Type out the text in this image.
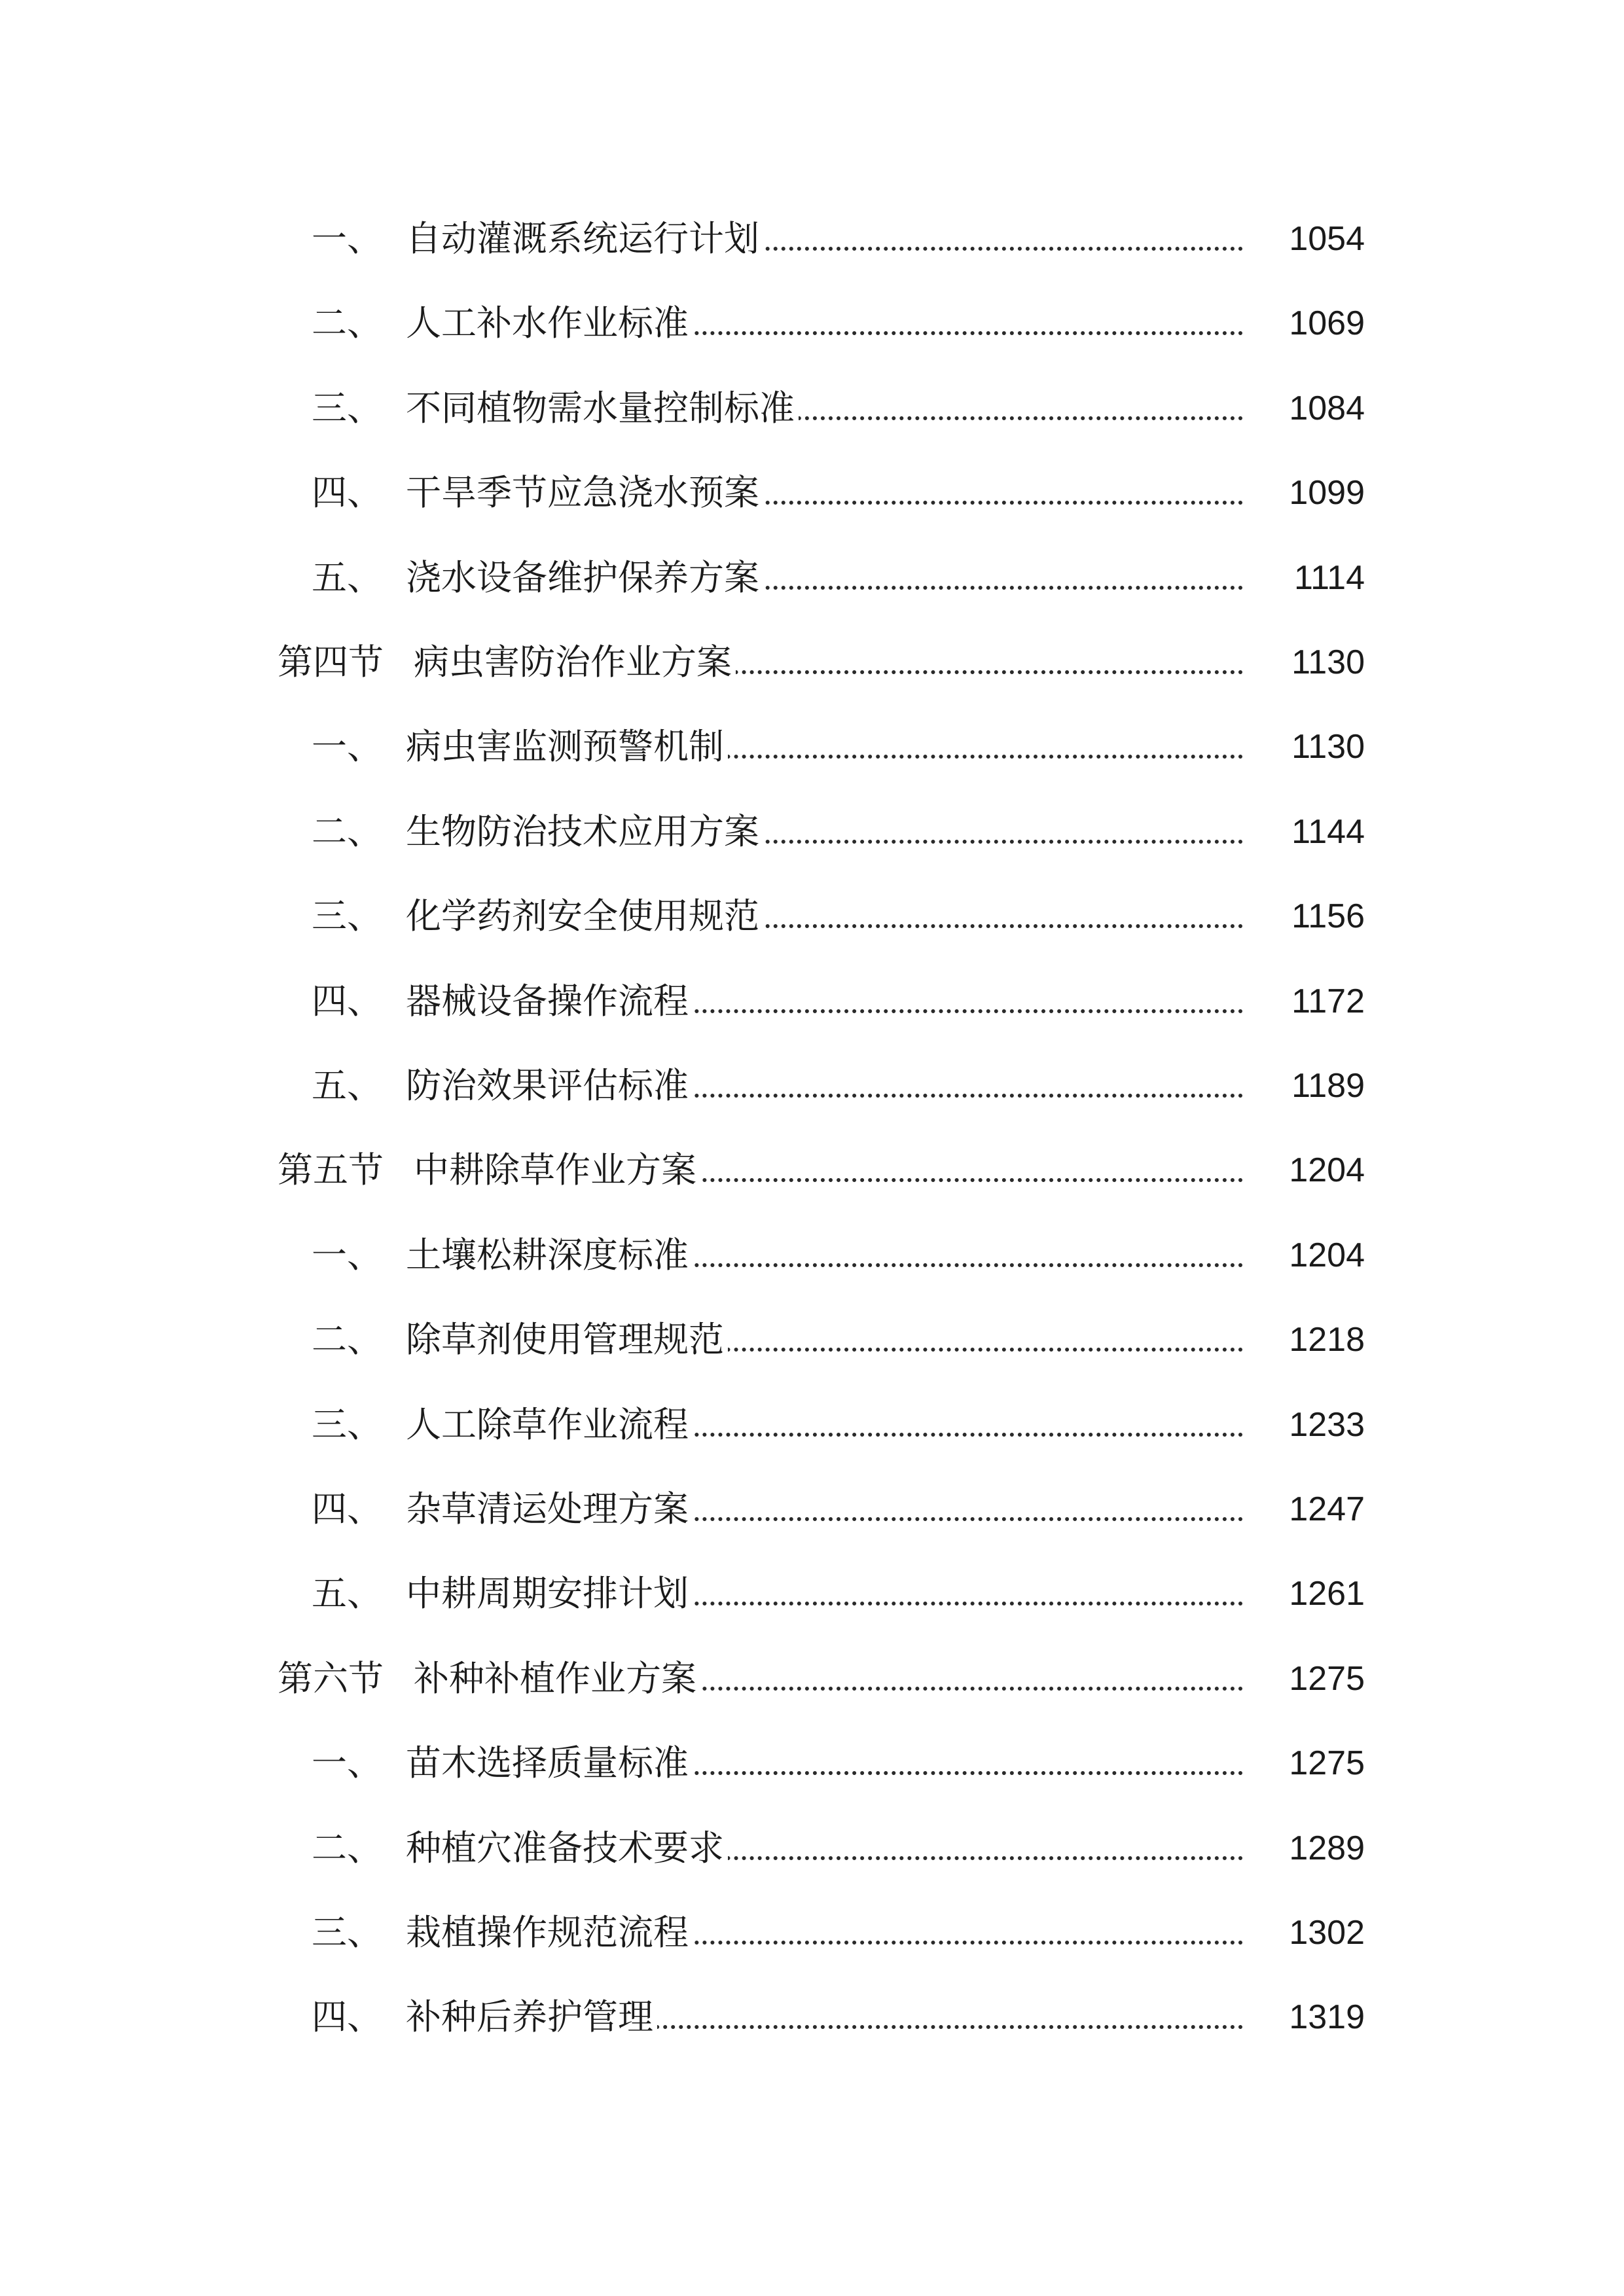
一、 自动灌溉系统运行计划	1054
二、 人工补水作业标准	1069
三、 不同植物需水量控制标准	1084
四、 干旱季节应急浇水预案	1099
五、 浇水设备维护保养方案	1114
第四节 病虫害防治作业方案	1130
一、 病虫害监测预警机制	1130
二、 生物防治技术应用方案	1144
三、 化学药剂安全使用规范	1156
四、 器械设备操作流程	1172
五、 防治效果评估标准	1189
第五节 中耕除草作业方案	1204
一、 土壤松耕深度标准	1204
二、 除草剂使用管理规范	1218
三、 人工除草作业流程	1233
四、 杂草清运处理方案	1247
五、 中耕周期安排计划	1261
第六节 补种补植作业方案	1275
一、 苗木选择质量标准	1275
二、 种植穴准备技术要求	1289
三、 栽植操作规范流程	1302
四、 补种后养护管理	1319
